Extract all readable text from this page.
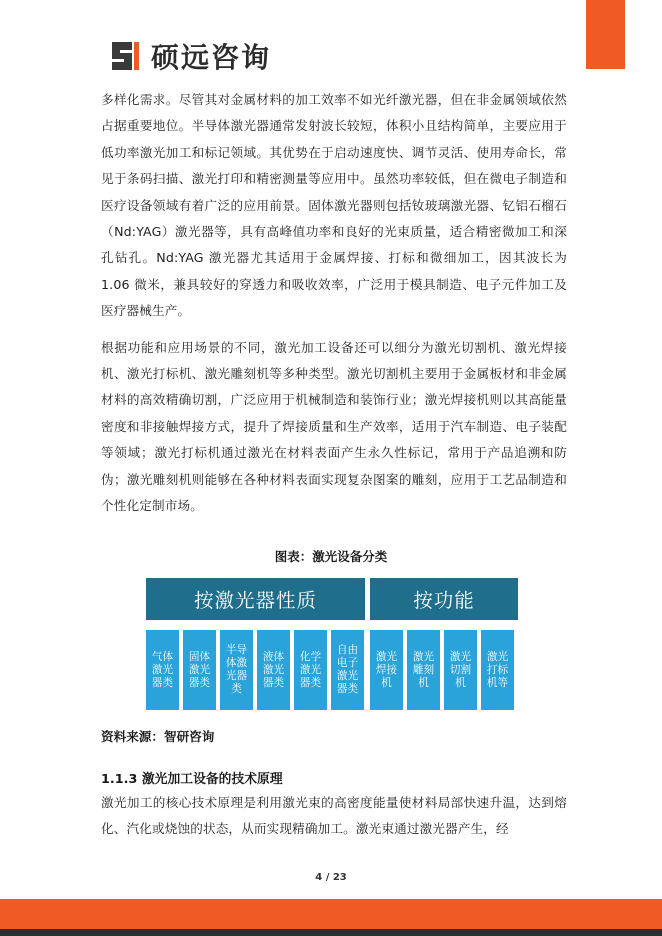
硕远咨询

多样化需求。尽管其对金属材料的加工效率不如光纤激光器，但在非金属领域依然占据重要地位。半导体激光器通常发射波长较短，体积小且结构简单，主要应用于低功率激光加工和标记领域。其优势在于启动速度快、调节灵活、使用寿命长，常见于条码扫描、激光打印和精密测量等应用中。虽然功率较低，但在微电子制造和医疗设备领域有着广泛的应用前景。固体激光器则包括钕玻璃激光器、钇铝石榴石（Nd:YAG）激光器等，具有高峰值功率和良好的光束质量，适合精密微加工和深孔钻孔。Nd:YAG 激光器尤其适用于金属焊接、打标和微细加工，因其波长为 1.06 微米，兼具较好的穿透力和吸收效率，广泛用于模具制造、电子元件加工及医疗器械生产。

根据功能和应用场景的不同，激光加工设备还可以细分为激光切割机、激光焊接机、激光打标机、激光雕刻机等多种类型。激光切割机主要用于金属板材和非金属材料的高效精确切割，广泛应用于机械制造和装饰行业；激光焊接机则以其高能量密度和非接触焊接方式，提升了焊接质量和生产效率，适用于汽车制造、电子装配等领域；激光打标机通过激光在材料表面产生永久性标记，常用于产品追溯和防伪；激光雕刻机则能够在各种材料表面实现复杂图案的雕刻，应用于工艺品制造和个性化定制市场。

图表：激光设备分类
按激光器性质	按功能
气体激光器类
固体激光器类
半导体激光器类
液体激光器类
化学激光器类
自由电子激光器类
激光焊接机
激光雕刻机
激光切割机
激光打标机等
资料来源：智研咨询
1.1.3 激光加工设备的技术原理

激光加工的核心技术原理是利用激光束的高密度能量使材料局部快速升温，达到熔化、汽化或烧蚀的状态，从而实现精确加工。激光束通过激光器产生，经

4 / 23
